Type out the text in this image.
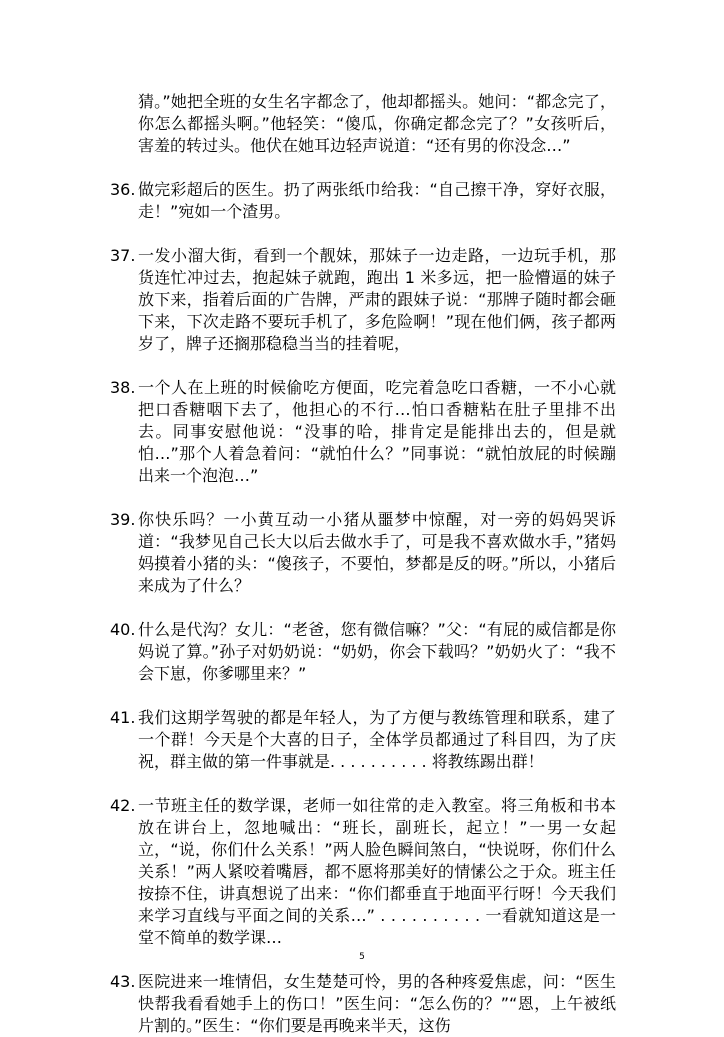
猜。”她把全班的女生名字都念了，他却都摇头。她问：“都念完了，你怎么都摇头啊。”他轻笑：“傻瓜，你确定都念完了？”女孩听后，害羞的转过头。他伏在她耳边轻声说道：“还有男的你没念…”

36. 做完彩超后的医生。扔了两张纸巾给我：“自己擦干净，穿好衣服，走！”宛如一个渣男。

37. 一发小溜大街，看到一个靓妹，那妹子一边走路，一边玩手机，那货连忙冲过去，抱起妹子就跑，跑出 1 米多远，把一脸懵逼的妹子放下来，指着后面的广告牌，严肃的跟妹子说：“那牌子随时都会砸下来，下次走路不要玩手机了，多危险啊！”现在他们俩，孩子都两岁了，牌子还搁那稳稳当当的挂着呢，

38. 一个人在上班的时候偷吃方便面，吃完着急吃口香糖，一不小心就把口香糖咽下去了，他担心的不行…怕口香糖粘在肚子里排不出去。同事安慰他说：“没事的哈，排肯定是能排出去的，但是就怕…”那个人着急着问：“就怕什么？”同事说：“就怕放屁的时候蹦出来一个泡泡…”

39. 你快乐吗？一小黄互动一小猪从噩梦中惊醒，对一旁的妈妈哭诉道：“我梦见自己长大以后去做水手了，可是我不喜欢做水手，”猪妈妈摸着小猪的头：“傻孩子，不要怕，梦都是反的呀。”所以，小猪后来成为了什么？

40. 什么是代沟？女儿：“老爸，您有微信嘛？”父：“有屁的威信都是你妈说了算。”孙子对奶奶说：“奶奶，你会下载吗？”奶奶火了：“我不会下崽，你爹哪里来？”

41. 我们这期学驾驶的都是年轻人，为了方便与教练管理和联系，建了一个群！今天是个大喜的日子，全体学员都通过了科目四，为了庆祝，群主做的第一件事就是. . . . . . . . . . 将教练踢出群！

42. 一节班主任的数学课，老师一如往常的走入教室。将三角板和书本放在讲台上，忽地喊出：“班长，副班长，起立！”一男一女起立，“说，你们什么关系！”两人脸色瞬间煞白，“快说呀，你们什么关系！”两人紧咬着嘴唇，都不愿将那美好的情愫公之于众。班主任按捺不住，讲真想说了出来：“你们都垂直于地面平行呀！今天我们来学习直线与平面之间的关系…” . . . . . . . . . . 一看就知道这是一堂不简单的数学课…

43. 医院进来一堆情侣，女生楚楚可怜，男的各种疼爱焦虑，问：“医生快帮我看看她手上的伤口！”医生问：“怎么伤的？”“恩，上午被纸片割的。”医生：“你们要是再晚来半天，这伤

5
